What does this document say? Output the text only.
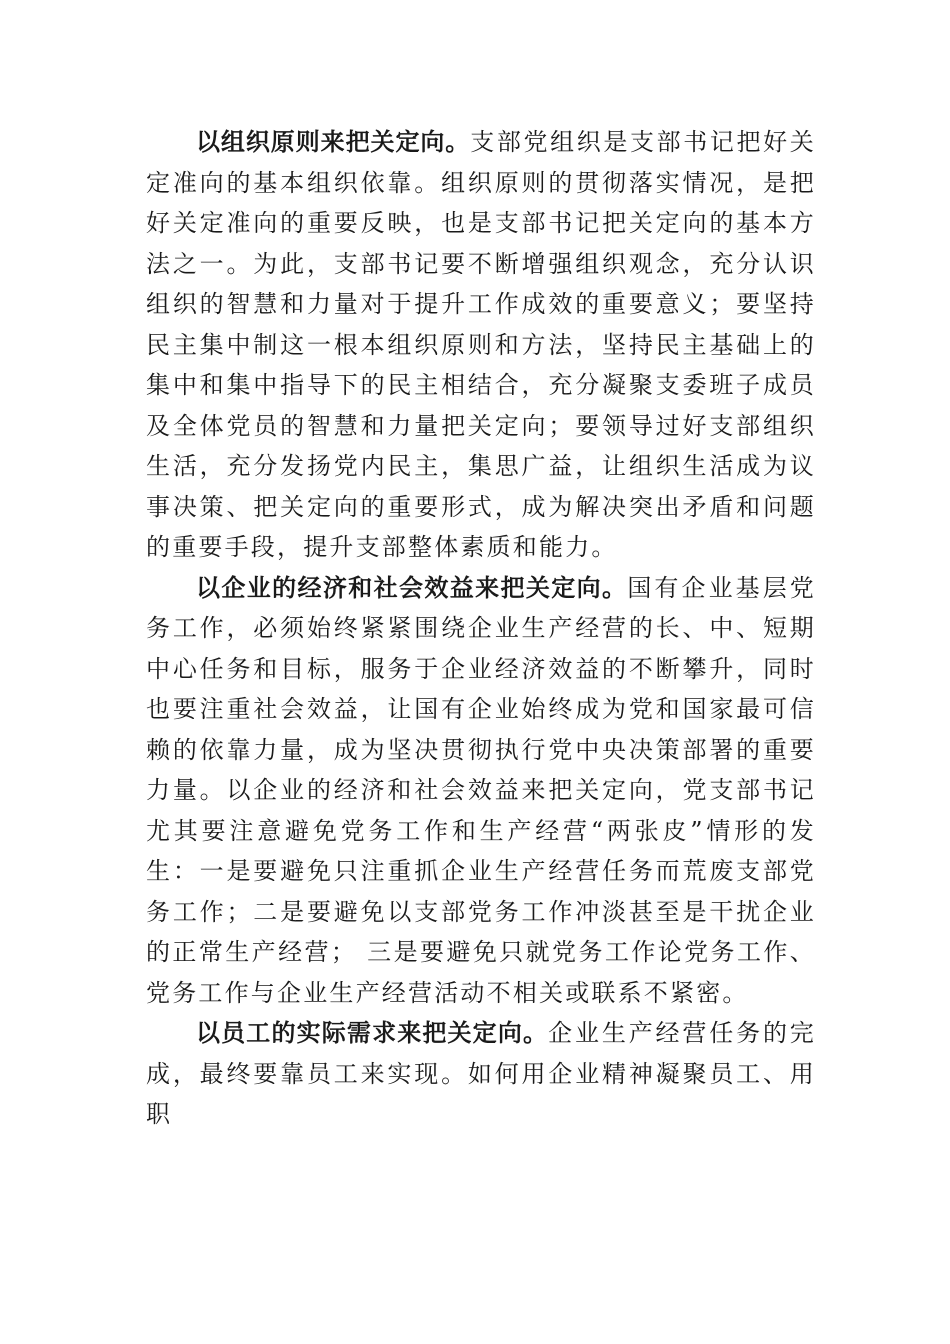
以组织原则来把关定向。支部党组织是支部书记把好关定准向的基本组织依靠。组织原则的贯彻落实情况，是把好关定准向的重要反映，也是支部书记把关定向的基本方法之一。为此，支部书记要不断增强组织观念，充分认识组织的智慧和力量对于提升工作成效的重要意义；要坚持民主集中制这一根本组织原则和方法，坚持民主基础上的集中和集中指导下的民主相结合，充分凝聚支委班子成员及全体党员的智慧和力量把关定向；要领导过好支部组织生活，充分发扬党内民主，集思广益，让组织生活成为议事决策、把关定向的重要形式，成为解决突出矛盾和问题的重要手段，提升支部整体素质和能力。

以企业的经济和社会效益来把关定向。国有企业基层党务工作，必须始终紧紧围绕企业生产经营的长、中、短期中心任务和目标，服务于企业经济效益的不断攀升，同时也要注重社会效益，让国有企业始终成为党和国家最可信赖的依靠力量，成为坚决贯彻执行党中央决策部署的重要力量。以企业的经济和社会效益来把关定向，党支部书记尤其要注意避免党务工作和生产经营“两张皮”情形的发生：一是要避免只注重抓企业生产经营任务而荒废支部党务工作；二是要避免以支部党务工作冲淡甚至是干扰企业的正常生产经营； 三是要避免只就党务工作论党务工作、党务工作与企业生产经营活动不相关或联系不紧密。

以员工的实际需求来把关定向。企业生产经营任务的完成，最终要靠员工来实现。如何用企业精神凝聚员工、用职
